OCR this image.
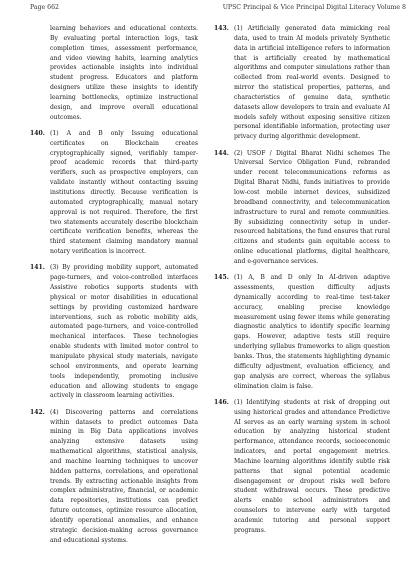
Page 662	UPSC Principal & Vice Principal Digital Literacy Volume 8
learning behaviors and educational contexts. By evaluating portal interaction logs, task completion times, assessment performance, and video viewing habits, learning analytics provides actionable insights into individual student progress. Educators and platform designers utilize these insights to identify learning bottlenecks, optimize instructional design, and improve overall educational outcomes.
140. (1) A and B only Issuing educational certificates on Blockchain creates cryptographically signed, verifiably tamper-proof academic records that third-party verifiers, such as prospective employers, can validate instantly without contacting issuing institutions directly. Because verification is automated cryptographically, manual notary approval is not required. Therefore, the first two statements accurately describe blockchain certificate verification benefits, whereas the third statement claiming mandatory manual notary verification is incorrect.
141. (3) By providing mobility support, automated page-turners, and voice-controlled interfaces Assistive robotics supports students with physical or motor disabilities in educational settings by providing customized hardware interventions, such as robotic mobility aids, automated page-turners, and voice-controlled mechanical interfaces. These technologies enable students with limited motor control to manipulate physical study materials, navigate school environments, and operate learning tools independently, promoting inclusive education and allowing students to engage actively in classroom learning activities.
142. (4) Discovering patterns and correlations within datasets to predict outcomes Data mining in Big Data applications involves analyzing extensive datasets using mathematical algorithms, statistical analysis, and machine learning techniques to uncover hidden patterns, correlations, and operational trends. By extracting actionable insights from complex administrative, financial, or academic data repositories, institutions can predict future outcomes, optimize resource allocation, identify operational anomalies, and enhance strategic decision-making across governance and educational systems.
143. (1) Artificially generated data mimicking real data, used to train AI models privately Synthetic data in artificial intelligence refers to information that is artificially created by mathematical algorithms and computer simulations rather than collected from real-world events. Designed to mirror the statistical properties, patterns, and characteristics of genuine data, synthetic datasets allow developers to train and evaluate AI models safely without exposing sensitive citizen personal identifiable information, protecting user privacy during algorithmic development.
144. (2) USOF / Digital Bharat Nidhi schemes The Universal Service Obligation Fund, rebranded under recent telecommunications reforms as Digital Bharat Nidhi, funds initiatives to provide low-cost mobile internet devices, subsidized broadband connectivity, and telecommunication infrastructure to rural and remote communities. By subsidizing connectivity setup in under-resourced habitations, the fund ensures that rural citizens and students gain equitable access to online educational platforms, digital healthcare, and e-governance services.
145. (1) A, B and D only In AI-driven adaptive assessments, question difficulty adjusts dynamically according to real-time test-taker accuracy, enabling precise knowledge measurement using fewer items while generating diagnostic analytics to identify specific learning gaps. However, adaptive tests still require underlying syllabus frameworks to align question banks. Thus, the statements highlighting dynamic difficulty adjustment, evaluation efficiency, and gap analysis are correct, whereas the syllabus elimination claim is false.
146. (1) Identifying students at risk of dropping out using historical grades and attendance Predictive AI serves as an early warning system in school education by analyzing historical student performance, attendance records, socioeconomic indicators, and portal engagement metrics. Machine learning algorithms identify subtle risk patterns that signal potential academic disengagement or dropout risks well before student withdrawal occurs. These predictive alerts enable school administrators and counselors to intervene early with targeted academic tutoring and personal support programs.
